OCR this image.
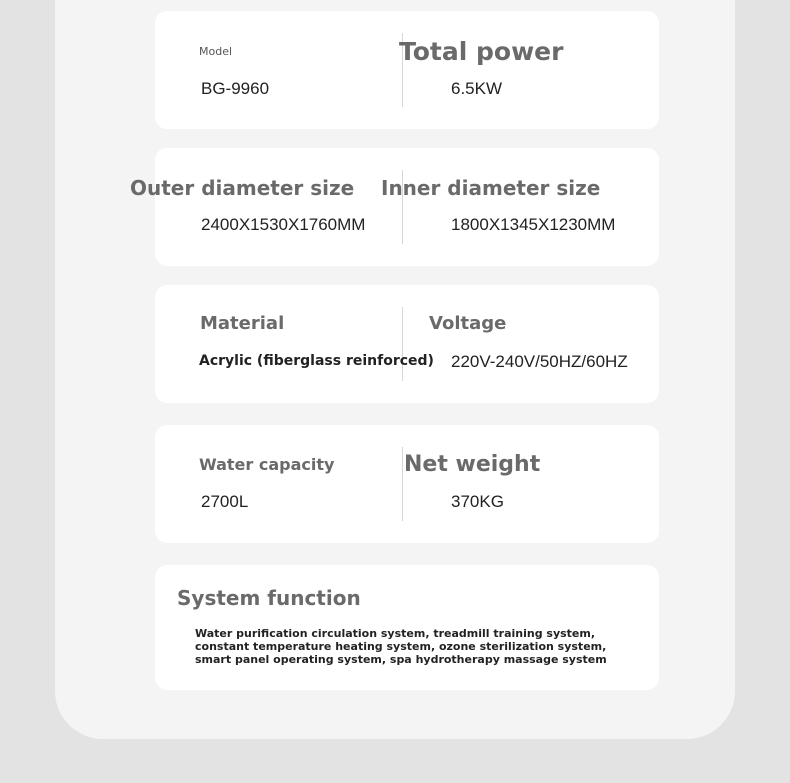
Model
BG-9960
Total power
6.5KW
Outer diameter size
2400X1530X1760MM
Inner diameter size
1800X1345X1230MM
Material
Acrylic (fiberglass reinforced)
Voltage
220V-240V/50HZ/60HZ
Water capacity
2700L
Net weight
370KG
System function
Water purification circulation system, treadmill training system,
constant temperature heating system, ozone sterilization system,
smart panel operating system, spa hydrotherapy massage system
